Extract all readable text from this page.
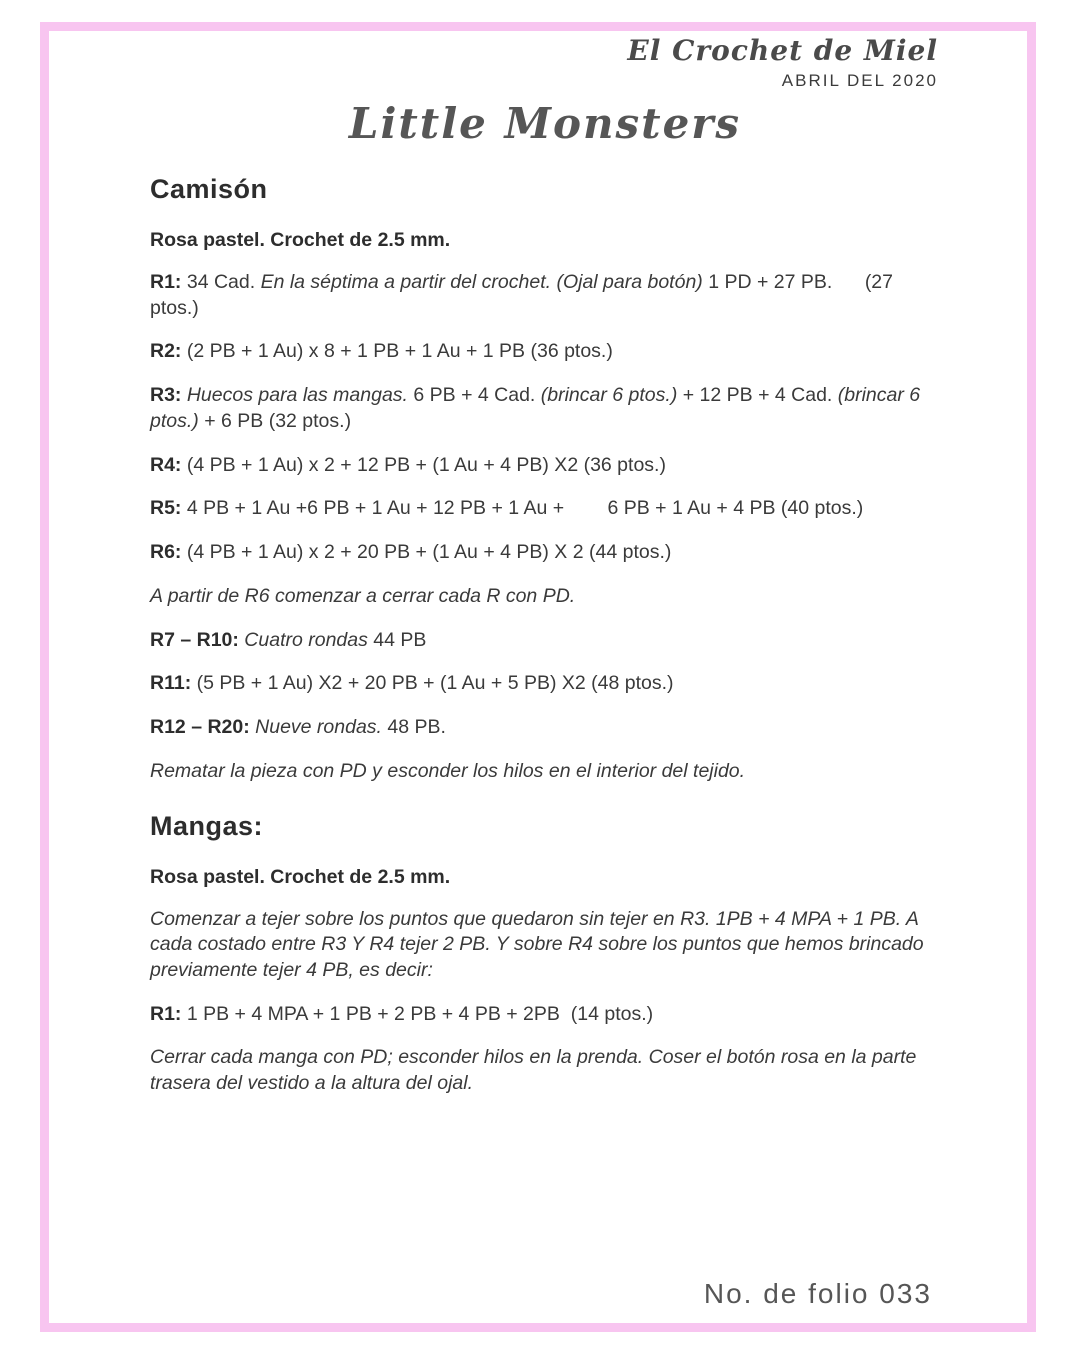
El Crochet de Miel
ABRIL DEL 2020
Little Monsters
Camisón
Rosa pastel. Crochet de 2.5 mm.

R1: 34 Cad. En la séptima a partir del crochet. (Ojal para botón) 1 PD + 27 PB.      (27 ptos.)

R2: (2 PB + 1 Au) x 8 + 1 PB + 1 Au + 1 PB (36 ptos.)

R3: Huecos para las mangas. 6 PB + 4 Cad. (brincar 6 ptos.) + 12 PB + 4 Cad. (brincar 6 ptos.) + 6 PB (32 ptos.)

R4: (4 PB + 1 Au) x 2 + 12 PB + (1 Au + 4 PB) X2 (36 ptos.)

R5: 4 PB + 1 Au +6 PB + 1 Au + 12 PB + 1 Au +        6 PB + 1 Au + 4 PB (40 ptos.)

R6: (4 PB + 1 Au) x 2 + 20 PB + (1 Au + 4 PB) X 2 (44 ptos.)

A partir de R6 comenzar a cerrar cada R con PD.

R7 – R10: Cuatro rondas 44 PB

R11: (5 PB + 1 Au) X2 + 20 PB + (1 Au + 5 PB) X2 (48 ptos.)

R12 – R20: Nueve rondas. 48 PB.

Rematar la pieza con PD y esconder los hilos en el interior del tejido.

Mangas:
Rosa pastel. Crochet de 2.5 mm.

Comenzar a tejer sobre los puntos que quedaron sin tejer en R3. 1PB + 4 MPA + 1 PB. A cada costado entre R3 Y R4 tejer 2 PB. Y sobre R4 sobre los puntos que hemos brincado previamente tejer 4 PB, es decir:

R1: 1 PB + 4 MPA + 1 PB + 2 PB + 4 PB + 2PB  (14 ptos.)

Cerrar cada manga con PD; esconder hilos en la prenda. Coser el botón rosa en la parte trasera del vestido a la altura del ojal.

No. de folio 033
